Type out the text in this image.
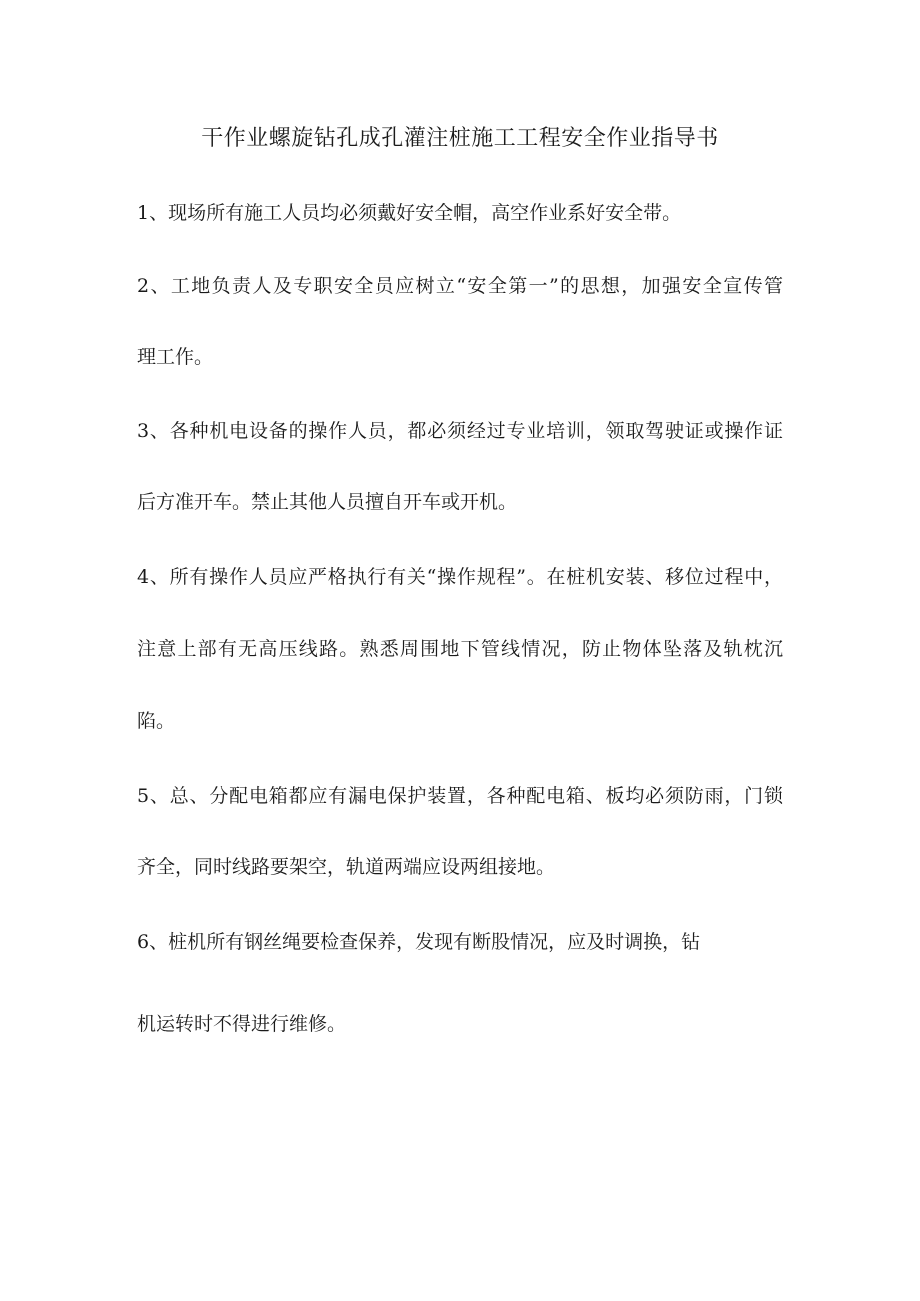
干作业螺旋钻孔成孔灌注桩施工工程安全作业指导书
1、现场所有施工人员均必须戴好安全帽，高空作业系好安全带。
2、工地负责人及专职安全员应树立“安全第一”的思想，加强安全宣传管
理工作。
3、各种机电设备的操作人员，都必须经过专业培训，领取驾驶证或操作证
后方准开车。禁止其他人员擅自开车或开机。
4、所有操作人员应严格执行有关“操作规程”。在桩机安装、移位过程中，
注意上部有无高压线路。熟悉周围地下管线情况，防止物体坠落及轨枕沉
陷。
5、总、分配电箱都应有漏电保护装置，各种配电箱、板均必须防雨，门锁
齐全，同时线路要架空，轨道两端应设两组接地。
6、桩机所有钢丝绳要检查保养，发现有断股情况，应及时调换，钻
机运转时不得进行维修。
